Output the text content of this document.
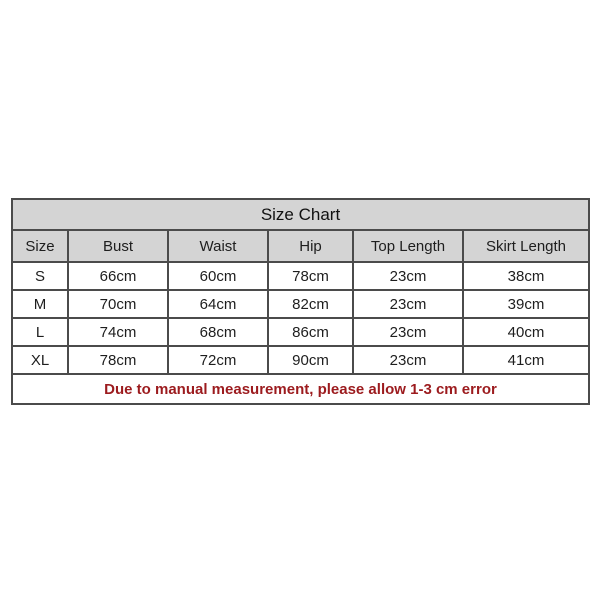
Size Chart					
Size	Bust	Waist	Hip	Top Length	Skirt Length
S	66cm	60cm	78cm	23cm	38cm
M	70cm	64cm	82cm	23cm	39cm
L	74cm	68cm	86cm	23cm	40cm
XL	78cm	72cm	90cm	23cm	41cm
Due to manual measurement, please allow 1-3 cm error					
